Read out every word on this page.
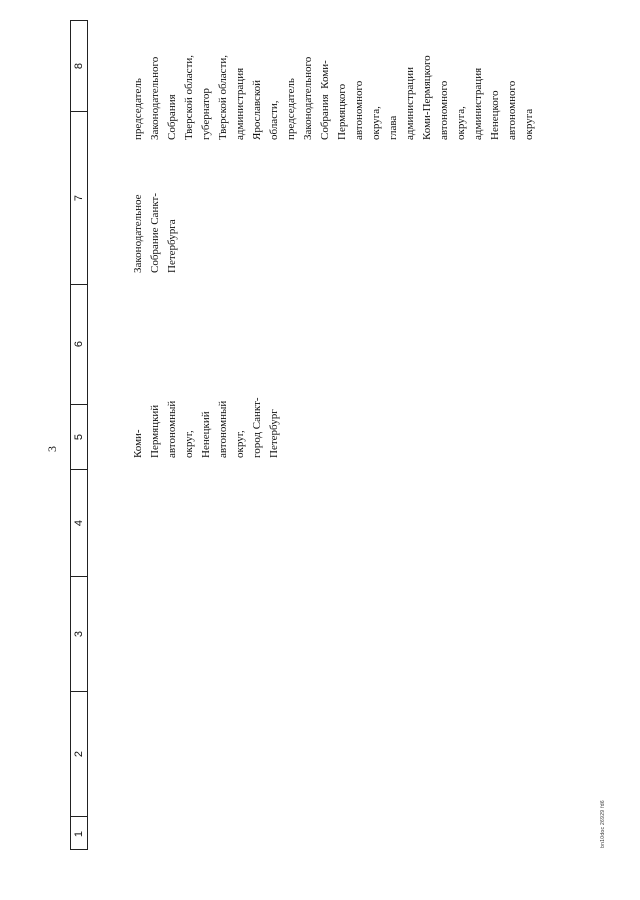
3
8
7
6
5
4
3
2
1
Коми- Пермяцкий автономный округ, Ненецкий автономный округ, город Санкт- Петербург
Законодательное Собрание Санкт- Петербурга
председатель Законодательного Собрания Тверской области, губернатор Тверской области, администрация Ярославской области, председатель Законодательного Собрания  Коми- Пермяцкого автономного округа, глава администрации Коми-Пермяцкого автономного округа, администрация Ненецкого автономного округа
bn10doc 26929 fd6
